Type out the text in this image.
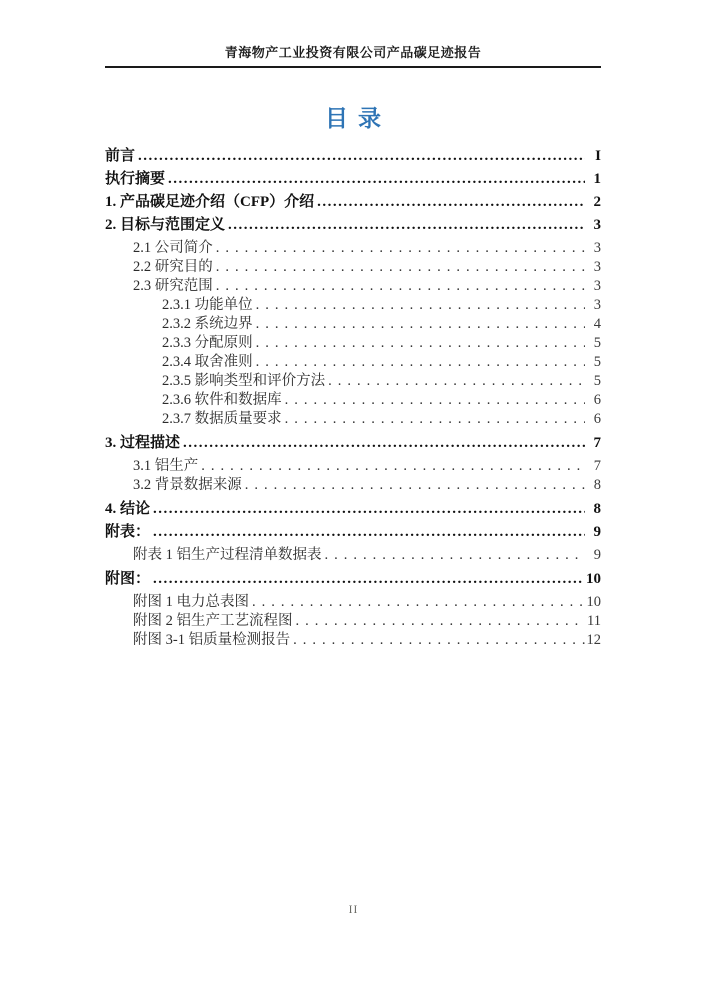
青海物产工业投资有限公司产品碳足迹报告
目录
前言 .....	I
执行摘要 .....	1
1. 产品碳足迹介绍（CFP）介绍 .....	2
2. 目标与范围定义 .....	3
2.1 公司简介 .....	3
2.2 研究目的 .....	3
2.3 研究范围 .....	3
2.3.1 功能单位 .....	3
2.3.2 系统边界 .....	4
2.3.3 分配原则 .....	5
2.3.4 取舍准则 .....	5
2.3.5 影响类型和评价方法 .....	5
2.3.6 软件和数据库 .....	6
2.3.7 数据质量要求 .....	6
3. 过程描述 .....	7
3.1 铝生产 .....	7
3.2 背景数据来源 .....	8
4. 结论 .....	8
附表： .....	9
附表 1 铝生产过程清单数据表 .....	9
附图： .....	10
附图 1 电力总表图 .....	10
附图 2 铝生产工艺流程图 .....	11
附图 3-1 铝质量检测报告 .....	12
II
